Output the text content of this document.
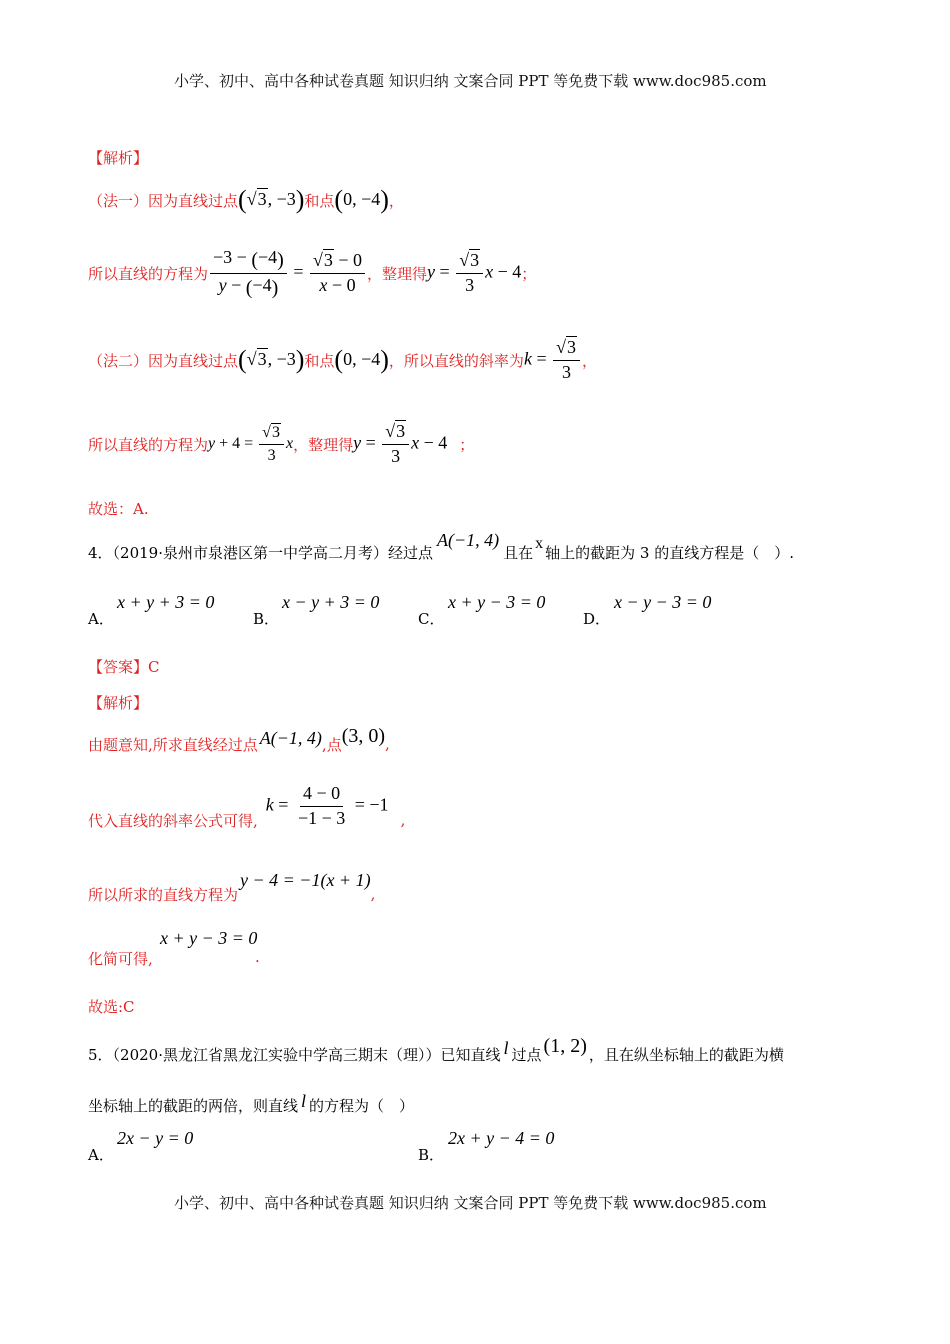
小学、初中、高中各种试卷真题 知识归纳 文案合同 PPT 等免费下载 www.doc985.com
【解析】
（法一）因为直线过点 (√3, −3) 和点 (0, −4) ，
所以直线的方程为 $\frac{-3 - (-4)}{y - (-4)} = \frac{√3 - 0}{x - 0}$ ，整理得 $y = \frac{√3}{3}$ x − 4 ；
（法二）因为直线过点 (√3, −3) 和点 (0, −4) ，所以直线的斜率为 $k = \frac{√3}{3}$ ，
所以直线的方程为 $y + 4 = \frac{√3}{3}$ x ，整理得 $y = \frac{√3}{3}$ x − 4 ；
故选：A.
4．（2019·泉州市泉港区第一中学高二月考）经过点
A(−1, 4)
且在 x 轴上的截距为 3 的直线方程是（　）.
A．
x + y + 3 = 0
B．
x − y + 3 = 0
C．
x + y − 3 = 0
D．
x − y − 3 = 0
【答案】C
【解析】
由题意知,所求直线经过点 A(−1, 4) ,点 (3, 0) ,
代入直线的斜率公式可得,
$k = \frac{4 - 0}{-1 - 3} = -1$
,
所以所求的直线方程为
y − 4 = −1(x + 1)
,
化简可得,
x + y − 3 = 0
.
故选:C
5．（2020·黑龙江省黑龙江实验中学高三期末（理））已知直线 l 过点 (1, 2) ，且在纵坐标轴上的截距为横
坐标轴上的截距的两倍，则直线 l 的方程为（　）
A．
2x − y = 0
B．
2x + y − 4 = 0
小学、初中、高中各种试卷真题 知识归纳 文案合同 PPT 等免费下载 www.doc985.com
